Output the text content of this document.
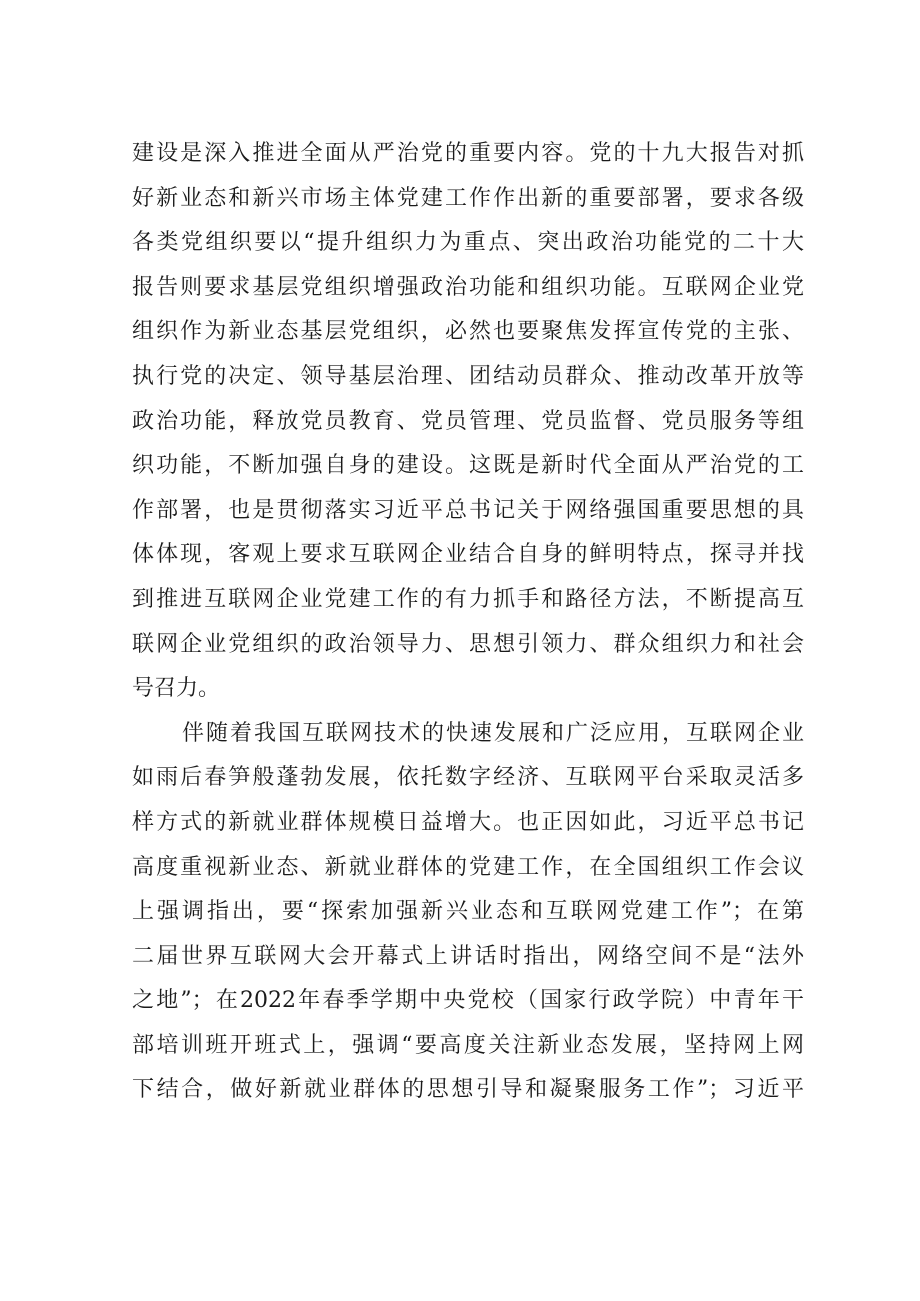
建设是深入推进全面从严治党的重要内容。党的十九大报告对抓
好新业态和新兴市场主体党建工作作出新的重要部署，要求各级
各类党组织要以“提升组织力为重点、突出政治功能党的二十大
报告则要求基层党组织增强政治功能和组织功能。互联网企业党
组织作为新业态基层党组织，必然也要聚焦发挥宣传党的主张、
执行党的决定、领导基层治理、团结动员群众、推动改革开放等
政治功能，释放党员教育、党员管理、党员监督、党员服务等组
织功能，不断加强自身的建设。这既是新时代全面从严治党的工
作部署，也是贯彻落实习近平总书记关于网络强国重要思想的具
体体现，客观上要求互联网企业结合自身的鲜明特点，探寻并找
到推进互联网企业党建工作的有力抓手和路径方法，不断提高互
联网企业党组织的政治领导力、思想引领力、群众组织力和社会
号召力。
伴随着我国互联网技术的快速发展和广泛应用，互联网企业
如雨后春笋般蓬勃发展，依托数字经济、互联网平台采取灵活多
样方式的新就业群体规模日益增大。也正因如此，习近平总书记
高度重视新业态、新就业群体的党建工作，在全国组织工作会议
上强调指出，要“探索加强新兴业态和互联网党建工作”；在第
二届世界互联网大会开幕式上讲话时指出，网络空间不是“法外
之地”；在2022年春季学期中央党校（国家行政学院）中青年干
部培训班开班式上，强调“要高度关注新业态发展，坚持网上网
下结合，做好新就业群体的思想引导和凝聚服务工作”；习近平
